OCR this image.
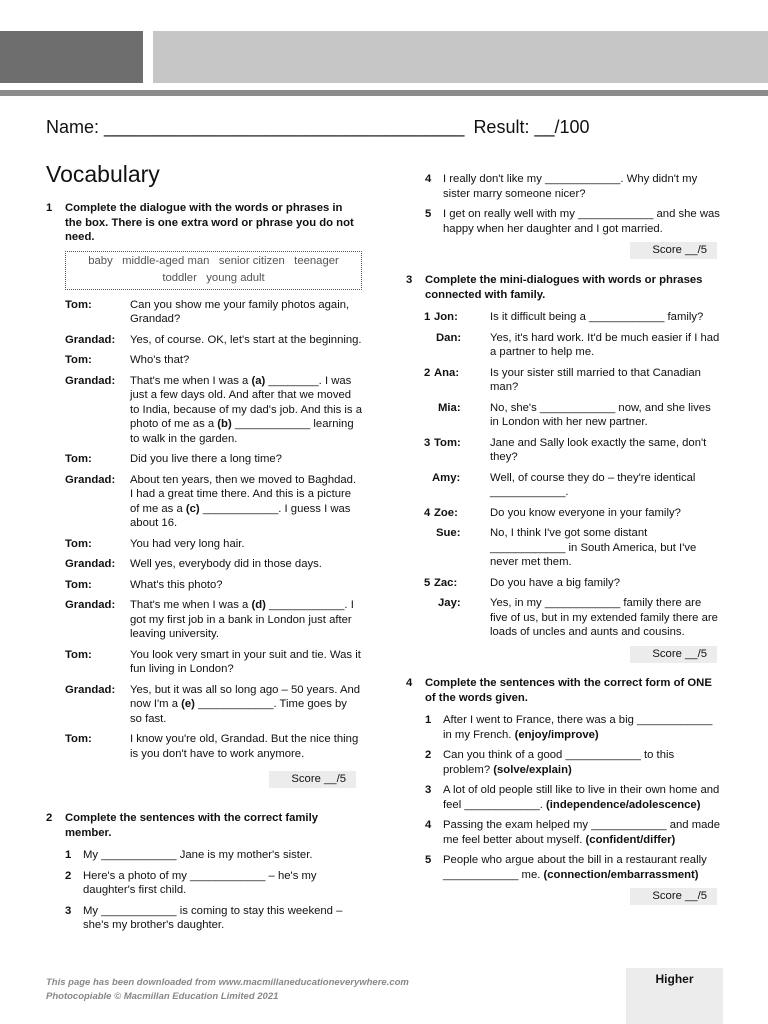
Name: ____________________________________ Result: __/100
Vocabulary
1 Complete the dialogue with the words or phrases in the box. There is one extra word or phrase you do not need.
baby   middle-aged man   senior citizen   teenager
toddler   young adult
Tom:	Can you show me your family photos again, Grandad?
Grandad: Yes, of course. OK, let's start at the beginning.
Tom:	Who's that?
Grandad: That's me when I was a (a) ________. I was just a few days old. And after that we moved to India, because of my dad's job. And this is a photo of me as a (b) ____________ learning to walk in the garden.
Tom:	Did you live there a long time?
Grandad: About ten years, then we moved to Baghdad. I had a great time there. And this is a picture of me as a (c) ____________. I guess I was about 16.
Tom:	You had very long hair.
Grandad: Well yes, everybody did in those days.
Tom:	What's this photo?
Grandad: That's me when I was a (d) ____________. I got my first job in a bank in London just after leaving university.
Tom:	You look very smart in your suit and tie. Was it fun living in London?
Grandad: Yes, but it was all so long ago – 50 years. And now I'm a (e) ____________. Time goes by so fast.
Tom:	I know you're old, Grandad. But the nice thing is you don't have to work anymore.
Score __/5
2 Complete the sentences with the correct family member.
1 My ____________ Jane is my mother's sister.
2 Here's a photo of my ____________ – he's my daughter's first child.
3 My ____________ is coming to stay this weekend – she's my brother's daughter.
4 I really don't like my ____________. Why didn't my sister marry someone nicer?
5 I get on really well with my ____________ and she was happy when her daughter and I got married.
Score __/5
3 Complete the mini-dialogues with words or phrases connected with family.
1 Jon:	Is it difficult being a ____________ family?
Dan:	Yes, it's hard work. It'd be much easier if I had a partner to help me.
2 Ana:	Is your sister still married to that Canadian man?
Mia:	No, she's ____________ now, and she lives in London with her new partner.
3 Tom:	Jane and Sally look exactly the same, don't they?
Amy:	Well, of course they do – they're identical ____________.
4 Zoe:	Do you know everyone in your family?
Sue:	No, I think I've got some distant ____________ in South America, but I've never met them.
5 Zac:	Do you have a big family?
Jay:	Yes, in my ____________ family there are five of us, but in my extended family there are loads of uncles and aunts and cousins.
Score __/5
4 Complete the sentences with the correct form of ONE of the words given.
1 After I went to France, there was a big ____________ in my French. (enjoy/improve)
2 Can you think of a good ____________ to this problem? (solve/explain)
3 A lot of old people still like to live in their own home and feel ____________. (independence/adolescence)
4 Passing the exam helped my ____________ and made me feel better about myself. (confident/differ)
5 People who argue about the bill in a restaurant really ____________ me. (connection/embarrassment)
Score __/5
This page has been downloaded from www.macmillaneducationeverywhere.com
Photocopiable © Macmillan Education Limited 2021
Higher
